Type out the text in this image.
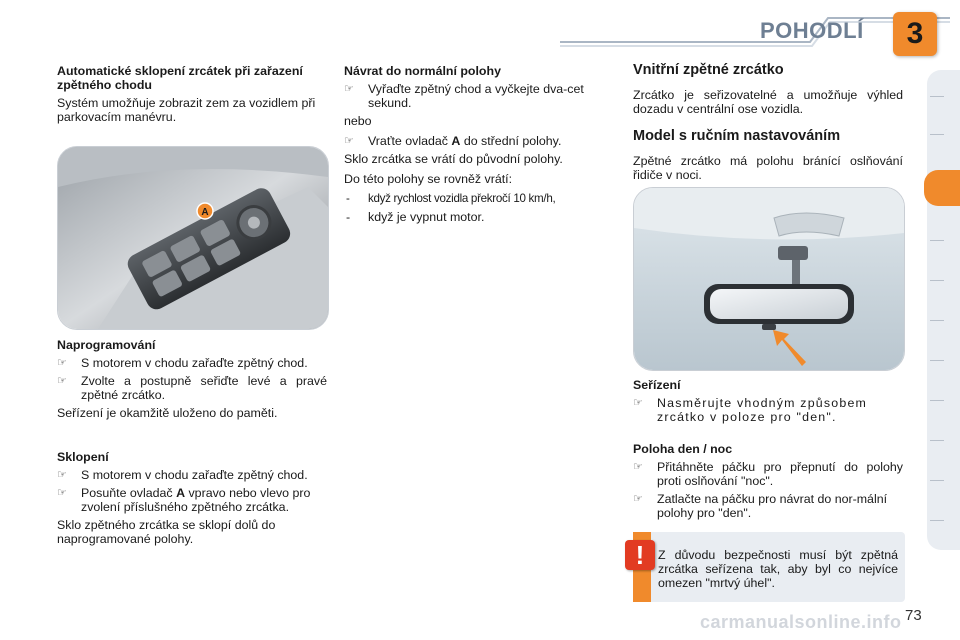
POHODLÍ	3
Automatické sklopení zrcátek při zařazení zpětného chodu

Systém umožňuje zobrazit zem za vozidlem při parkovacím manévru.

A
Naprogramování
☞	S motorem v chodu zařaďte zpětný chod.
☞	Zvolte a postupně seřiďte levé a pravé zpětné zrcátko.

Seřízení je okamžitě uloženo do paměti.

Sklopení
☞	S motorem v chodu zařaďte zpětný chod.
☞	Posuňte ovladač A vpravo nebo vlevo pro zvolení příslušného zpětného zrcátka.

Sklo zpětného zrcátka se sklopí dolů do naprogramované polohy.

Návrat do normální polohy
☞	Vyřaďte zpětný chod a vyčkejte dva-cet sekund.

nebo

☞	Vraťte ovladač A do střední polohy.

Sklo zrcátka se vrátí do původní polohy.

Do této polohy se rovněž vrátí:

- když rychlost vozidla překročí 10 km/h,
- když je vypnut motor.
Vnitřní zpětné zrcátko

Zrcátko je seřizovatelné a umožňuje výhled dozadu v centrální ose vozidla.

Model s ručním nastavováním

Zpětné zrcátko má polohu bránící oslňování řidiče v noci.

Seřízení
☞	Nasměrujte vhodným způsobem zrcátko v poloze pro "den".
Poloha den / noc
☞	Přitáhněte páčku pro přepnutí do polohy proti oslňování "noc".
☞	Zatlačte na páčku pro návrat do nor-mální polohy pro "den".
!	Z důvodu bezpečnosti musí být zpětná zrcátka seřízena tak, aby byl co nejvíce omezen "mrtvý úhel".
carmanualsonline.info 73
